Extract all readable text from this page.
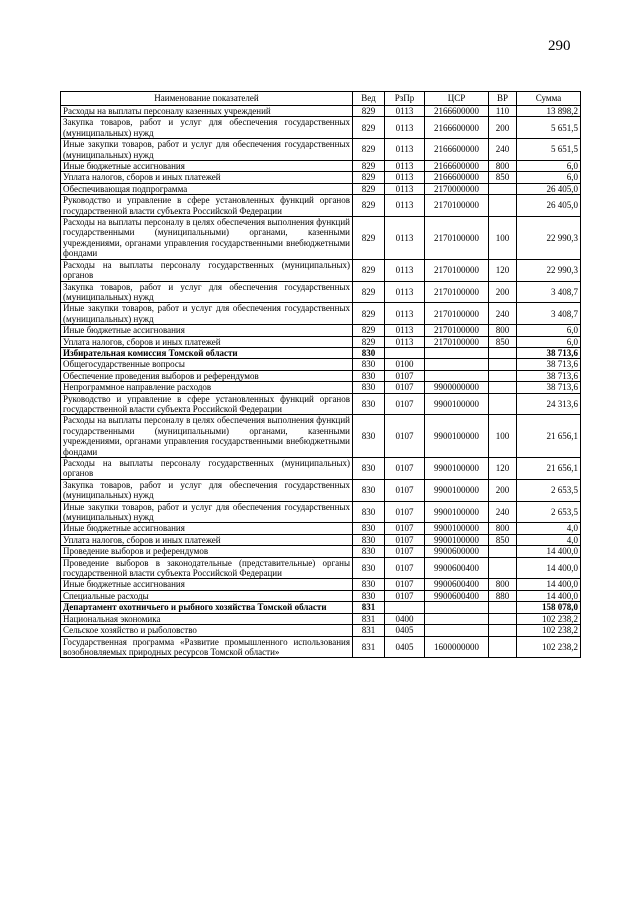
290
Наименование показателей	Вед	РзПр	ЦСР	ВР	Сумма
Расходы на выплаты персоналу казенных учреждений	829	0113	2166600000	110	13 898,2
Закупка товаров, работ и услуг для обеспечения государственных (муниципальных) нужд	829	0113	2166600000	200	5 651,5
Иные закупки товаров, работ и услуг для обеспечения государственных (муниципальных) нужд	829	0113	2166600000	240	5 651,5
Иные бюджетные ассигнования	829	0113	2166600000	800	6,0
Уплата налогов, сборов и иных платежей	829	0113	2166600000	850	6,0
Обеспечивающая подпрограмма	829	0113	2170000000		26 405,0
Руководство и управление в сфере установленных функций органов государственной власти субъекта Российской Федерации	829	0113	2170100000		26 405,0
Расходы на выплаты персоналу в целях обеспечения выполнения функций государственными (муниципальными) органами, казенными учреждениями, органами управления государственными внебюджетными фондами	829	0113	2170100000	100	22 990,3
Расходы на выплаты персоналу государственных (муниципальных) органов	829	0113	2170100000	120	22 990,3
Закупка товаров, работ и услуг для обеспечения государственных (муниципальных) нужд	829	0113	2170100000	200	3 408,7
Иные закупки товаров, работ и услуг для обеспечения государственных (муниципальных) нужд	829	0113	2170100000	240	3 408,7
Иные бюджетные ассигнования	829	0113	2170100000	800	6,0
Уплата налогов, сборов и иных платежей	829	0113	2170100000	850	6,0
Избирательная комиссия Томской области	830				38 713,6
Общегосударственные вопросы	830	0100			38 713,6
Обеспечение проведения выборов и референдумов	830	0107			38 713,6
Непрограммное направление расходов	830	0107	9900000000		38 713,6
Руководство и управление в сфере установленных функций органов государственной власти субъекта Российской Федерации	830	0107	9900100000		24 313,6
Расходы на выплаты персоналу в целях обеспечения выполнения функций государственными (муниципальными) органами, казенными учреждениями, органами управления государственными внебюджетными фондами	830	0107	9900100000	100	21 656,1
Расходы на выплаты персоналу государственных (муниципальных) органов	830	0107	9900100000	120	21 656,1
Закупка товаров, работ и услуг для обеспечения государственных (муниципальных) нужд	830	0107	9900100000	200	2 653,5
Иные закупки товаров, работ и услуг для обеспечения государственных (муниципальных) нужд	830	0107	9900100000	240	2 653,5
Иные бюджетные ассигнования	830	0107	9900100000	800	4,0
Уплата налогов, сборов и иных платежей	830	0107	9900100000	850	4,0
Проведение выборов и референдумов	830	0107	9900600000		14 400,0
Проведение выборов в законодательные (представительные) органы государственной власти субъекта Российской Федерации	830	0107	9900600400		14 400,0
Иные бюджетные ассигнования	830	0107	9900600400	800	14 400,0
Специальные расходы	830	0107	9900600400	880	14 400,0
Департамент охотничьего и рыбного хозяйства Томской области	831				158 078,0
Национальная экономика	831	0400			102 238,2
Сельское хозяйство и рыболовство	831	0405			102 238,2
Государственная программа «Развитие промышленного использования возобновляемых природных ресурсов Томской области»	831	0405	1600000000		102 238,2
